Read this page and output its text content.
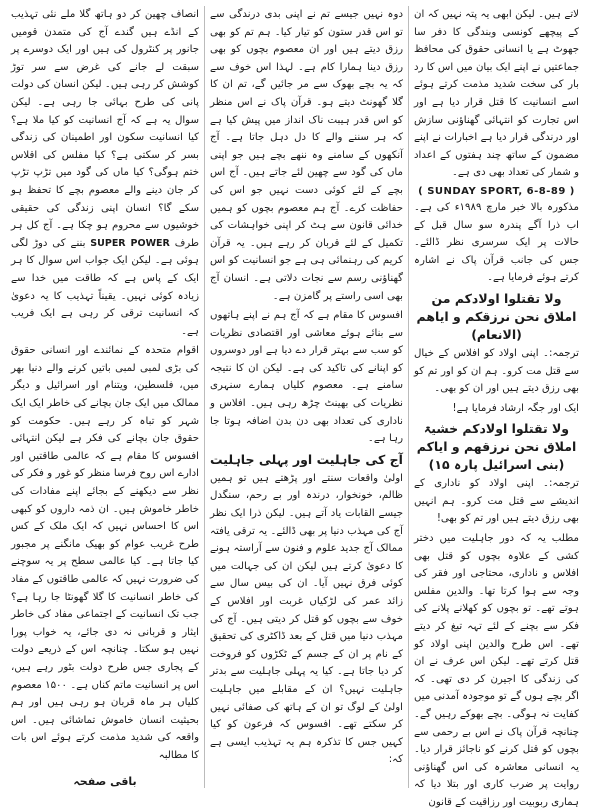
لاتے ہیں۔ لیکن ابھی یہ پتہ نہیں کہ ان کے پیچھے کونسی وبندگی کا دفر سا جھوٹ ہے یا انسانی حقوق کی محافظ جماعتیں نے اپنے ایک بیان میں اس کا رد بار کی سخت شدید مذمت کرتے ہوئے اسے انسانیت کا قتل قرار دیا ہے اور اس تجارت کو انتہائی گھناؤنی سازش اور درندگی قرار دیا ہے اخبارات نے اپنے مضمون کے ساتھ چند ہفتوں کے اعداد و شمار کی تعداد بھی دی ہے۔

( SUNDAY SPORT, 6-8-89 )

مذکورہ بالا خبر مارچ ۱۹۸۹ء کی ہے۔ اب ذرا آگے پندرہ سو سال قبل کے حالات پر ایک سرسری نظر ڈالئے۔ جس کی جانب قرآن پاک نے اشارہ کرتے ہوئے فرمایا ہے۔

ولا تقتلوا اولادکم من املاق نحن نرزقکم و ایاھم (الانعام)

ترجمہ:۔ اپنی اولاد کو افلاس کے خیال سے قتل مت کرو۔ ہم ان کو اور تم کو بھی رزق دیتے ہیں اور ان کو بھی۔

ایک اور جگہ ارشاد فرمایا ہے!

ولا تقتلوا اولادکم خشیۃ املاق نحن نرزقھم و ایاکم (بنی اسرائیل پارہ ۱۵)

ترجمہ:۔ اپنی اولاد کو ناداری کے اندیشے سے قتل مت کرو۔ ہم انہیں بھی رزق دیتے ہیں اور تم کو بھی!

مطلب یہ کہ دور جاہلیت میں دختر کشی کے علاوہ بچوں کو قتل بھی افلاس و ناداری، محتاجی اور فقر کی وجہ سے ہوا کرتا تھا۔ والدین مفلس ہوتے تھے۔ تو بچوں کو کھلانے پلانے کی فکر سے بچنے کے لئے تہہ تیغ کر دیتے تھے۔ اس طرح والدین اپنی اولاد کو قتل کرتے تھے۔ لیکن اس عرف نے ان کی زندگی کا اجیرن کر دی تھی۔ کہ اگر بچے ہوں گے تو موجودہ آمدنی میں کفایت نہ ہوگی۔ بچے بھوکے رہیں گے۔ چنانچہ قرآن پاک نے اس بے رحمی سے بچوں کو قتل کرنے کو ناجائز قرار دیا۔ یہ انسانی معاشرہ کی اس گھناؤنی روایت پر ضرب کاری اور بتلا دیا کہ ہماری ربوبیت اور رزاقیت کے قانون

دوہ نہیں جیسے تم نے اپنی بدی درندگی سے تو اس قدر ستون کو تیار کیا۔ ہم تم کو بھی رزق دیتے ہیں اور ان معصوم بچوں کو بھی رزق دینا ہمارا کام ہے۔ لہذا اس خوف سے کہ یہ بچے بھوک سے مر جائیں گے، تم ان کا گلا گھونٹ دیتے ہو۔ قرآن پاک نے اس منظر کو اس قدر ہیبت ناک انداز میں پیش کیا ہے کہ ہر سننے والے کا دل دہل جاتا ہے۔ آج آنکھوں کے سامنے وہ ننھے بچے ہیں جو اپنی ماں کی گود سے چھین لئے جاتے ہیں۔ آج اس بچے کے لئے کوئی دست نہیں جو اس کی حفاظت کرے۔ آج ہم معصوم بچوں کو ہمیں خدائی قانون سے ہٹ کر اپنی خواہشات کی تکمیل کے لئے قربان کر رہے ہیں۔ یہ قرآن کریم کی رہنمائی ہی ہے جو انسانیت کو اس گھناؤنی رسم سے نجات دلاتی ہے۔ انسان آج بھی اسی راستے پر گامزن ہے۔

افسوس کا مقام ہے کہ آج ہم نے اپنے ہاتھوں سے بنائے ہوئے معاشی اور اقتصادی نظریات کو سب سے بہتر قرار دے دیا ہے اور دوسروں کو اپنانے کی تاکید کی ہے۔ لیکن ان کا نتیجہ سامنے ہے۔ معصوم کلیاں ہمارے سنہری نظریات کی بھینٹ چڑھ رہی ہیں۔ افلاس و ناداری کی تعداد بھی دن بدن اضافہ ہوتا جا رہا ہے۔

آج کی جاہلیت اور پہلی جاہلیت

اولیٰ واقعات سنتے اور پڑھتے ہیں تو ہمیں ظالم، خونخوار، درندہ اور بے رحم، سنگدل جیسے القابات یاد آتے ہیں۔ لیکن ذرا ایک نظر آج کی مہذب دنیا پر بھی ڈالئے۔ یہ ترقی یافتہ ممالک آج جدید علوم و فنون سے آراستہ ہونے کا دعویٰ کرتے ہیں لیکن ان کی جہالت میں کوئی فرق نہیں آیا۔ ان کی بیس سال سے زائد عمر کی لڑکیاں غربت اور افلاس کے خوف سے بچوں کو قتل کر دیتی ہیں۔ آج کی مہذب دنیا میں قتل کے بعد ڈاکٹری کی تحقیق کے نام پر ان کے جسم کے ٹکڑوں کو فروخت کر دیا جاتا ہے۔ کیا یہ پہلی جاہلیت سے بدتر جاہلیت نہیں؟ ان کے مقابلے میں جاہلیت اولیٰ کے لوگ تو ان کے ہاتھ کی صفائی نہیں کر سکتے تھے۔ افسوس کہ فرعون کو کیا کہیں جس کا تذکرہ ہم یہ تہذیب ایسی ہے کہ:

انصاف چھین کر دو ہاتھ گلا ملے نئی تہذیب کے انڈے ہیں گندے آج کی متمدن قومیں جانور پر کنٹرول کی ہیں اور ایک دوسرے پر سبقت لے جانے کی غرض سے سر توڑ کوشش کر رہی ہیں۔ لیکن انسان کی دولت پانی کی طرح بہائی جا رہی ہے۔ لیکن سوال یہ ہے کہ آج انسانیت کو کیا ملا ہے؟ کیا انسانیت سکون اور اطمینان کی زندگی بسر کر سکتی ہے؟ کیا مفلس کی اقلاس ختم ہوگی؟ کیا ماں کی گود میں تڑپ تڑپ کر جان دینے والے معصوم بچے کا تحفظ ہو سکے گا؟ انسان اپنی زندگی کی حقیقی خوشیوں سے محروم ہو چکا ہے۔ آج کل ہر طرف SUPER POWER بننے کی دوڑ لگی ہوئی ہے۔ لیکن ایک جواب اس سوال کا ہر ایک کے پاس ہے کہ طاقت میں خدا سے زیادہ کوئی نہیں۔ یقیناً تہذیب کا یہ دعویٰ کہ انسانیت ترقی کر رہی ہے ایک فریب ہے۔

اقوام متحدہ کے نمائندے اور انسانی حقوق کی بڑی لمبی لمبی باتیں کرنے والے دنیا بھر میں، فلسطین، ویتنام اور اسرائیل و دیگر ممالک میں ایک جان بچانے کی خاطر ایک ایک شہر کو تباہ کر رہے ہیں۔ حکومت کو حقوق جان بچانے کی فکر ہے لیکن انتہائی افسوس کا مقام ہے کہ عالمی طاقتیں اور ادارے اس روح فرسا منظر کو غور و فکر کی نظر سے دیکھنے کے بجائے اپنے مفادات کی خاطر خاموش ہیں۔ ان ذمہ داروں کو کبھی اس کا احساس نہیں کہ ایک ملک کے کس طرح غریب عوام کو بھیک مانگنے پر مجبور کیا جاتا ہے۔ کیا عالمی سطح پر یہ سوچنے کی ضرورت نہیں کہ عالمی طاقتوں کے مفاد کی خاطر انسانیت کا گلا گھونٹا جا رہا ہے؟ جب تک انسانیت کے اجتماعی مفاد کی خاطر ایثار و قربانی نہ دی جائے، یہ خواب پورا نہیں ہو سکتا۔ چنانچہ اس کے ذریعے دولت کے پجاری جس طرح دولت بٹور رہے ہیں، اس پر انسانیت ماتم کناں ہے۔ ۱۵۰۰ معصوم کلیاں ہر ماہ قربان ہو رہی ہیں اور ہم بحیثیت انسان خاموش تماشائی ہیں۔ اس واقعہ کی شدید مذمت کرتے ہوئے اس بات کا مطالبہ

باقی صفحہ
